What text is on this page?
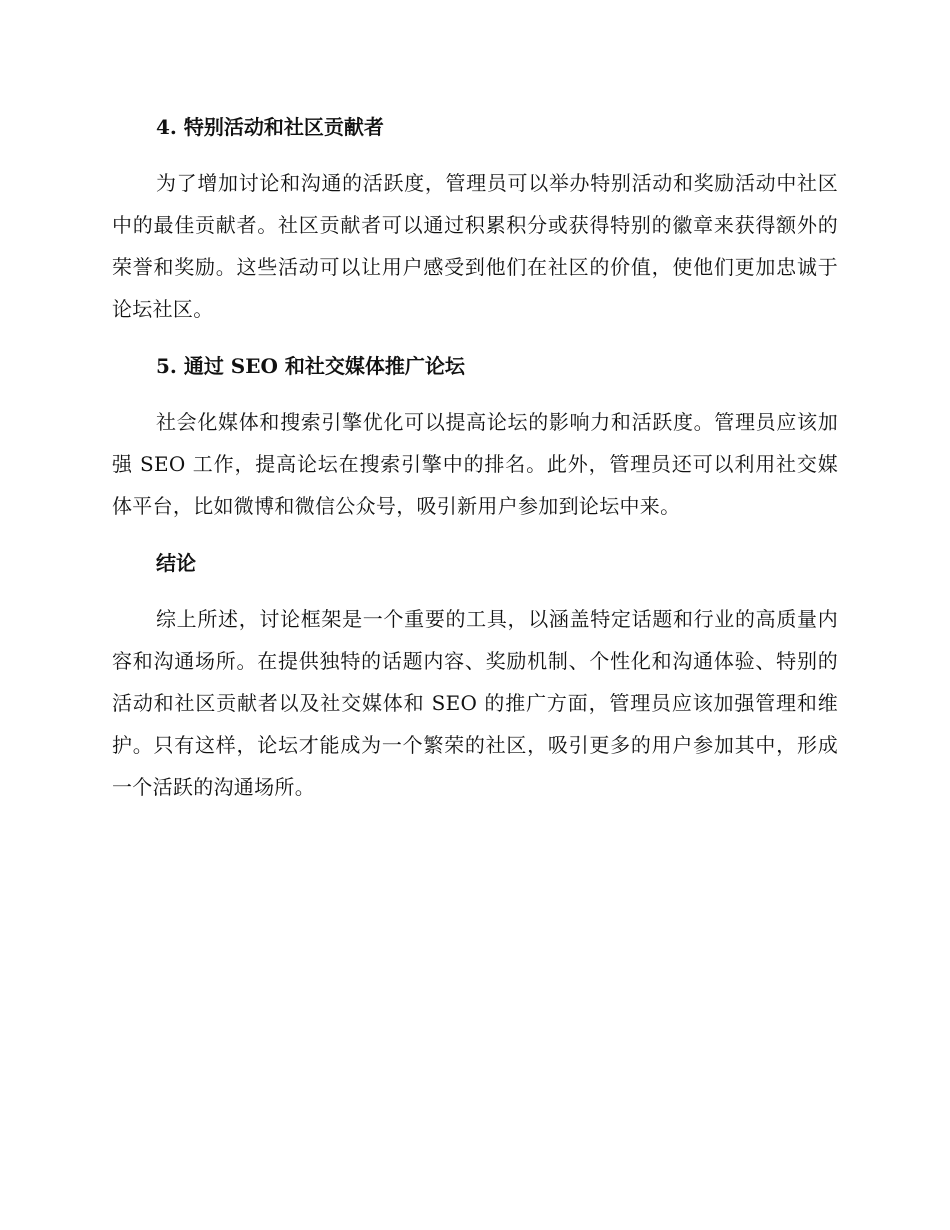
4. 特别活动和社区贡献者

为了增加讨论和沟通的活跃度，管理员可以举办特别活动和奖励活动中社区中的最佳贡献者。社区贡献者可以通过积累积分或获得特别的徽章来获得额外的荣誉和奖励。这些活动可以让用户感受到他们在社区的价值，使他们更加忠诚于论坛社区。

5. 通过 SEO 和社交媒体推广论坛

社会化媒体和搜索引擎优化可以提高论坛的影响力和活跃度。管理员应该加强 SEO 工作，提高论坛在搜索引擎中的排名。此外，管理员还可以利用社交媒体平台，比如微博和微信公众号，吸引新用户参加到论坛中来。

结论

综上所述，讨论框架是一个重要的工具，以涵盖特定话题和行业的高质量内容和沟通场所。在提供独特的话题内容、奖励机制、个性化和沟通体验、特别的活动和社区贡献者以及社交媒体和 SEO 的推广方面，管理员应该加强管理和维护。只有这样，论坛才能成为一个繁荣的社区，吸引更多的用户参加其中，形成一个活跃的沟通场所。
